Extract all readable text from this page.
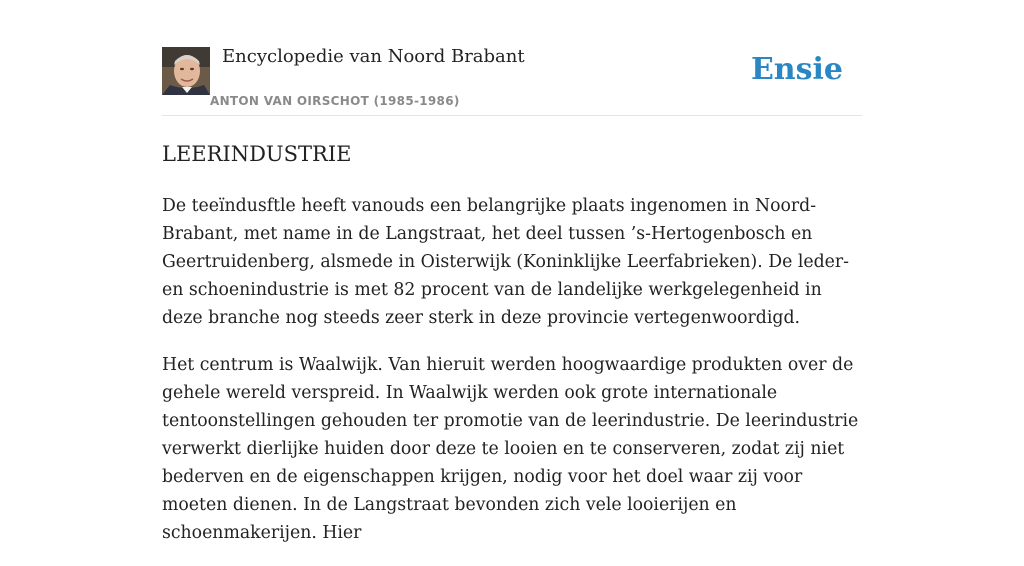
Encyclopedie van Noord Brabant
ANTON VAN OIRSCHOT (1985-1986)
Ensie
LEERINDUSTRIE

De teeïndusftle heeft vanouds een belangrijke plaats ingenomen in Noord-Brabant, met name in de Langstraat, het deel tussen ’s-Hertogenbosch en Geertruidenberg, alsmede in Oisterwijk (Koninklijke Leerfabrieken). De leder- en schoenindustrie is met 82 procent van de landelijke werkgelegenheid in deze branche nog steeds zeer sterk in deze provincie vertegenwoordigd.

Het centrum is Waalwijk. Van hieruit werden hoogwaardige produkten over de gehele wereld verspreid. In Waalwijk werden ook grote internationale tentoonstellingen gehouden ter promotie van de leerindustrie. De leerindustrie verwerkt dierlijke huiden door deze te looien en te conserveren, zodat zij niet bederven en de eigenschappen krijgen, nodig voor het doel waar zij voor moeten dienen. In de Langstraat bevonden zich vele looierijen en schoenmakerijen. Hier
